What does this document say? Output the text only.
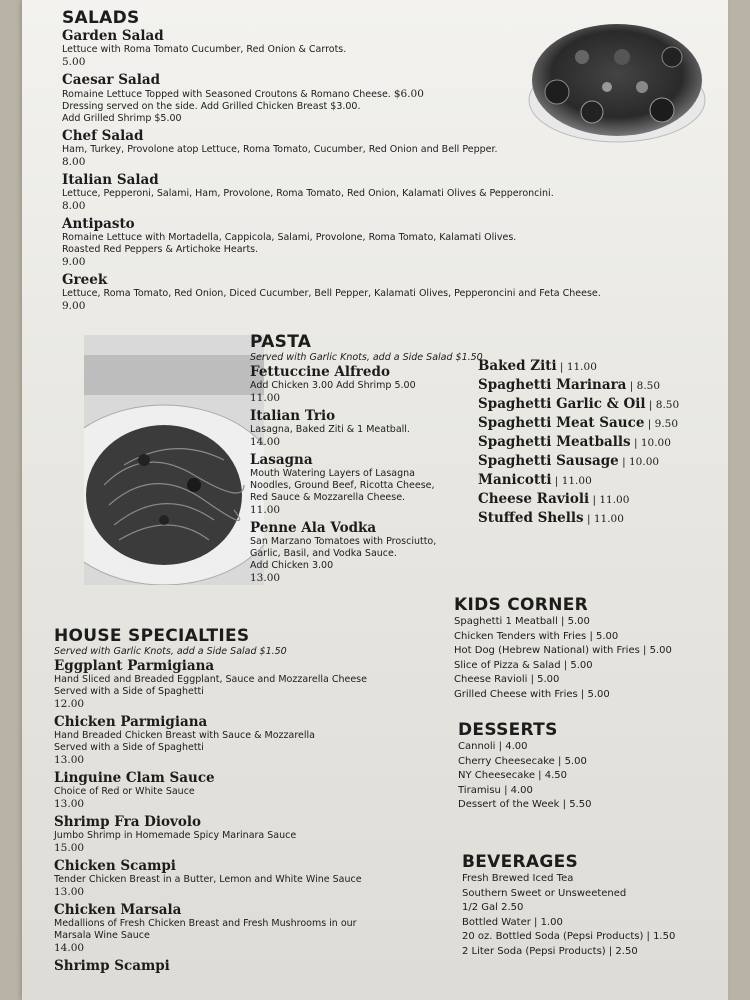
SALADS
Garden Salad
Lettuce with Roma Tomato Cucumber, Red Onion & Carrots.
5.00
Caesar Salad
Romaine Lettuce Topped with Seasoned Croutons & Romano Cheese. $6.00
Dressing served on the side. Add Grilled Chicken Breast $3.00.
Add Grilled Shrimp $5.00
Chef Salad
Ham, Turkey, Provolone atop Lettuce, Roma Tomato, Cucumber, Red Onion and Bell Pepper.
8.00
Italian Salad
Lettuce, Pepperoni, Salami, Ham, Provolone, Roma Tomato, Red Onion, Kalamati Olives & Pepperoncini.
8.00
Antipasto
Romaine Lettuce with Mortadella, Cappicola, Salami, Provolone, Roma Tomato, Kalamati Olives.
Roasted Red Peppers & Artichoke Hearts.
9.00
Greek
Lettuce, Roma Tomato, Red Onion, Diced Cucumber, Bell Pepper, Kalamati Olives, Pepperoncini and Feta Cheese.
9.00
PASTA
Served with Garlic Knots, add a Side Salad $1.50
Fettuccine Alfredo
Add Chicken 3.00 Add Shrimp 5.00
11.00
Italian Trio
Lasagna, Baked Ziti & 1 Meatball.
14.00
Lasagna
Mouth Watering Layers of Lasagna
Noodles, Ground Beef, Ricotta Cheese,
Red Sauce & Mozzarella Cheese.
11.00
Penne Ala Vodka
San Marzano Tomatoes with Prosciutto,
Garlic, Basil, and Vodka Sauce.
Add Chicken 3.00
13.00
Baked Ziti | 11.00
Spaghetti Marinara | 8.50
Spaghetti Garlic & Oil | 8.50
Spaghetti Meat Sauce | 9.50
Spaghetti Meatballs | 10.00
Spaghetti Sausage | 10.00
Manicotti | 11.00
Cheese Ravioli | 11.00
Stuffed Shells | 11.00
HOUSE SPECIALTIES
Served with Garlic Knots, add a Side Salad $1.50
Eggplant Parmigiana
Hand Sliced and Breaded Eggplant, Sauce and Mozzarella Cheese
Served with a Side of Spaghetti
12.00
Chicken Parmigiana
Hand Breaded Chicken Breast with Sauce & Mozzarella
Served with a Side of Spaghetti
13.00
Linguine Clam Sauce
Choice of Red or White Sauce
13.00
Shrimp Fra Diovolo
Jumbo Shrimp in Homemade Spicy Marinara Sauce
15.00
Chicken Scampi
Tender Chicken Breast in a Butter, Lemon and White Wine Sauce
13.00
Chicken Marsala
Medallions of Fresh Chicken Breast and Fresh Mushrooms in our
Marsala Wine Sauce
14.00
Shrimp Scampi
KIDS CORNER
Spaghetti 1 Meatball | 5.00
Chicken Tenders with Fries | 5.00
Hot Dog (Hebrew National) with Fries | 5.00
Slice of Pizza & Salad | 5.00
Cheese Ravioli | 5.00
Grilled Cheese with Fries | 5.00
DESSERTS
Cannoli | 4.00
Cherry Cheesecake | 5.00
NY Cheesecake | 4.50
Tiramisu | 4.00
Dessert of the Week | 5.50
BEVERAGES
Fresh Brewed Iced Tea
Southern Sweet or Unsweetened
1/2 Gal 2.50
Bottled Water | 1.00
20 oz. Bottled Soda (Pepsi Products) | 1.50
2 Liter Soda (Pepsi Products) | 2.50
